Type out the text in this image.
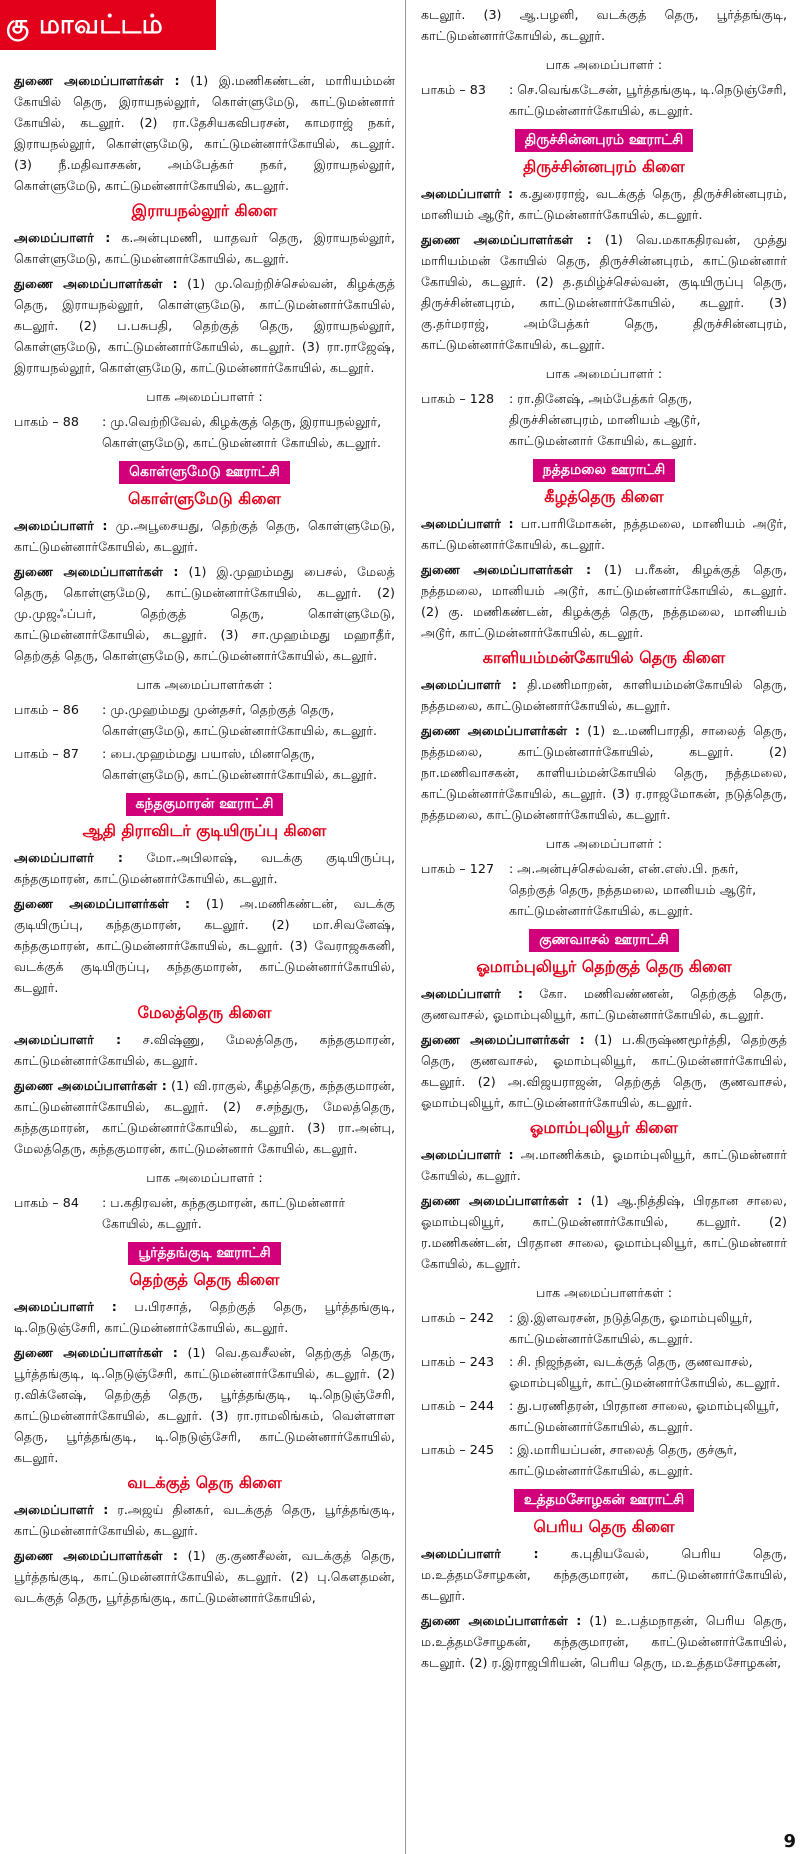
கு மாவட்டம்

துணை அமைப்பாளர்கள் : (1) இ.மணிகண்டன், மாரியம்மன் கோயில் தெரு, இராயநல்லூர், கொள்ளுமேடு, காட்டுமன்னார் கோயில், கடலூர். (2) ரா.தேசியகவிபரசன், காமராஜ் நகர், இராயநல்லூர், கொள்ளுமேடு, காட்டுமன்னார்கோயில், கடலூர். (3) நீ.மதிவாசகன், அம்பேத்கர் நகர், இராயநல்லூர், கொள்ளுமேடு, காட்டுமன்னார்கோயில், கடலூர்.

இராயநல்லூர் கிளை

அமைப்பாளர் : க.அன்புமணி, யாதவர் தெரு, இராயநல்லூர், கொள்ளுமேடு, காட்டுமன்னார்கோயில், கடலூர்.

துணை அமைப்பாளர்கள் : (1) மு.வெற்றிச்செல்வன், கிழக்குத் தெரு, இராயநல்லூர், கொள்ளுமேடு, காட்டுமன்னார்கோயில், கடலூர். (2) ப.பசுபதி, தெற்குத் தெரு, இராயநல்லூர், கொள்ளுமேடு, காட்டுமன்னார்கோயில், கடலூர். (3) ரா.ராஜேஷ், இராயநல்லூர், கொள்ளுமேடு, காட்டுமன்னார்கோயில், கடலூர்.

பாக அமைப்பாளர் :
பாகம் – 88	: மு.வெற்றிவேல், கிழக்குத் தெரு, இராயநல்லூர், கொள்ளுமேடு, காட்டுமன்னார் கோயில், கடலூர்.
கொள்ளுமேடு ஊராட்சி
கொள்ளுமேடு கிளை

அமைப்பாளர் : மு.அபூசையது, தெற்குத் தெரு, கொள்ளுமேடு, காட்டுமன்னார்கோயில், கடலூர்.

துணை அமைப்பாளர்கள் : (1) இ.முஹம்மது பைசல், மேலத் தெரு, கொள்ளுமேடு, காட்டுமன்னார்கோயில், கடலூர். (2) மு.முஜஃப்பர், தெற்குத் தெரு, கொள்ளுமேடு, காட்டுமன்னார்கோயில், கடலூர். (3) சா.முஹம்மது மஹாதீர், தெற்குத் தெரு, கொள்ளுமேடு, காட்டுமன்னார்கோயில், கடலூர்.

பாக அமைப்பாளர்கள் :
பாகம் – 86	: மு.முஹம்மது முன்தசர், தெற்குத் தெரு, கொள்ளுமேடு, காட்டுமன்னார்கோயில், கடலூர்.
பாகம் – 87	: பை.முஹம்மது பயாஸ், மினாதெரு, கொள்ளுமேடு, காட்டுமன்னார்கோயில், கடலூர்.
கந்தகுமாரன் ஊராட்சி
ஆதி திராவிடர் குடியிருப்பு கிளை

அமைப்பாளர் : மோ.அபிலாஷ், வடக்கு குடியிருப்பு, கந்தகுமாரன், காட்டுமன்னார்கோயில், கடலூர்.

துணை அமைப்பாளர்கள் : (1) அ.மணிகண்டன், வடக்கு குடியிருப்பு, கந்தகுமாரன், கடலூர். (2) மா.சிவனேஷ், கந்தகுமாரன், காட்டுமன்னார்கோயில், கடலூர். (3) வேராஜசுகனி, வடக்குக் குடியிருப்பு, கந்தகுமாரன், காட்டுமன்னார்கோயில், கடலூர்.

மேலத்தெரு கிளை

அமைப்பாளர் : ச.விஷ்ணு, மேலத்தெரு, கந்தகுமாரன், காட்டுமன்னார்கோயில், கடலூர்.

துணை அமைப்பாளர்கள் : (1) வி.ராகுல், கீழத்தெரு, கந்தகுமாரன், காட்டுமன்னார்கோயில், கடலூர். (2) ச.சந்துரு, மேலத்தெரு, கந்தகுமாரன், காட்டுமன்னார்கோயில், கடலூர். (3) ரா.அன்பு, மேலத்தெரு, கந்தகுமாரன், காட்டுமன்னார் கோயில், கடலூர்.

பாக அமைப்பாளர் :
பாகம் – 84	: ப.கதிரவன், கந்தகுமாரன், காட்டுமன்னார் கோயில், கடலூர்.
பூர்த்தங்குடி ஊராட்சி
தெற்குத் தெரு கிளை

அமைப்பாளர் : ப.பிரசாத், தெற்குத் தெரு, பூர்த்தங்குடி, டி.நெடுஞ்சேரி, காட்டுமன்னார்கோயில், கடலூர்.

துணை அமைப்பாளர்கள் : (1) வெ.தவசீலன், தெற்குத் தெரு, பூர்த்தங்குடி, டி.நெடுஞ்சேரி, காட்டுமன்னார்கோயில், கடலூர். (2) ர.விக்னேஷ், தெற்குத் தெரு, பூர்த்தங்குடி, டி.நெடுஞ்சேரி, காட்டுமன்னார்கோயில், கடலூர். (3) ரா.ராமலிங்கம், வெள்ளாள தெரு, பூர்த்தங்குடி, டி.நெடுஞ்சேரி, காட்டுமன்னார்கோயில், கடலூர்.

வடக்குத் தெரு கிளை

அமைப்பாளர் : ர.அஜய் தினகர், வடக்குத் தெரு, பூர்த்தங்குடி, காட்டுமன்னார்கோயில், கடலூர்.

துணை அமைப்பாளர்கள் : (1) கு.குணசீலன், வடக்குத் தெரு, பூர்த்தங்குடி, காட்டுமன்னார்கோயில், கடலூர். (2) பு.கௌதமன், வடக்குத் தெரு, பூர்த்தங்குடி, காட்டுமன்னார்கோயில்,

கடலூர். (3) ஆ.பழனி, வடக்குத் தெரு, பூர்த்தங்குடி, காட்டுமன்னார்கோயில், கடலூர்.

பாக அமைப்பாளர் :
பாகம் – 83	: செ.வெங்கடேசன், பூர்த்தங்குடி, டி.நெடுஞ்சேரி, காட்டுமன்னார்கோயில், கடலூர்.
திருச்சின்னபுரம் ஊராட்சி
திருச்சின்னபுரம் கிளை

அமைப்பாளர் : க.துரைராஜ், வடக்குத் தெரு, திருச்சின்னபுரம், மானியம் ஆடூர், காட்டுமன்னார்கோயில், கடலூர்.

துணை அமைப்பாளர்கள் : (1) வெ.மகாகதிரவன், முத்து மாரியம்மன் கோயில் தெரு, திருச்சின்னபுரம், காட்டுமன்னார் கோயில், கடலூர். (2) த.தமிழ்ச்செல்வன், குடியிருப்பு தெரு, திருச்சின்னபுரம், காட்டுமன்னார்கோயில், கடலூர். (3) கு.தர்மராஜ், அம்பேத்கர் தெரு, திருச்சின்னபுரம், காட்டுமன்னார்கோயில், கடலூர்.

பாக அமைப்பாளர் :
பாகம் – 128	: ரா.தினேஷ், அம்பேத்கர் தெரு, திருச்சின்னபுரம், மானியம் ஆடூர், காட்டுமன்னார் கோயில், கடலூர்.
நத்தமலை ஊராட்சி
கீழத்தெரு கிளை

அமைப்பாளர் : பா.பாரிமோகன், நத்தமலை, மானியம் அடூர், காட்டுமன்னார்கோயில், கடலூர்.

துணை அமைப்பாளர்கள் : (1) ப.ரீகன், கிழக்குத் தெரு, நத்தமலை, மானியம் அடூர், காட்டுமன்னார்கோயில், கடலூர். (2) கு. மணிகண்டன், கிழக்குத் தெரு, நத்தமலை, மானியம் அடூர், காட்டுமன்னார்கோயில், கடலூர்.

காளியம்மன்கோயில் தெரு கிளை

அமைப்பாளர் : தி.மணிமாறன், காளியம்மன்கோயில் தெரு, நத்தமலை, காட்டுமன்னார்கோயில், கடலூர்.

துணை அமைப்பாளர்கள் : (1) உ.மணிபாரதி, சாலைத் தெரு, நத்தமலை, காட்டுமன்னார்கோயில், கடலூர். (2) நா.மணிவாசகன், காளியம்மன்கோயில் தெரு, நத்தமலை, காட்டுமன்னார்கோயில், கடலூர். (3) ர.ராஜமோகன், நடுத்தெரு, நத்தமலை, காட்டுமன்னார்கோயில், கடலூர்.

பாக அமைப்பாளர் :
பாகம் – 127	: அ.அன்புச்செல்வன், என்.எஸ்.பி. நகர், தெற்குத் தெரு, நத்தமலை, மானியம் ஆடூர், காட்டுமன்னார்கோயில், கடலூர்.
குணவாசல் ஊராட்சி
ஓமாம்புலியூர் தெற்குத் தெரு கிளை

அமைப்பாளர் : கோ. மணிவண்ணன், தெற்குத் தெரு, குணவாசல், ஓமாம்புலியூர், காட்டுமன்னார்கோயில், கடலூர்.

துணை அமைப்பாளர்கள் : (1) ப.கிருஷ்ணமூர்த்தி, தெற்குத் தெரு, குணவாசல், ஓமாம்புலியூர், காட்டுமன்னார்கோயில், கடலூர். (2) அ.விஜயராஜன், தெற்குத் தெரு, குணவாசல், ஓமாம்புலியூர், காட்டுமன்னார்கோயில், கடலூர்.

ஓமாம்புலியூர் கிளை

அமைப்பாளர் : அ.மாணிக்கம், ஓமாம்புலியூர், காட்டுமன்னார் கோயில், கடலூர்.

துணை அமைப்பாளர்கள் : (1) ஆ.நித்திஷ், பிரதான சாலை, ஓமாம்புலியூர், காட்டுமன்னார்கோயில், கடலூர். (2) ர.மணிகண்டன், பிரதான சாலை, ஓமாம்புலியூர், காட்டுமன்னார் கோயில், கடலூர்.

பாக அமைப்பாளர்கள் :
பாகம் – 242	: இ.இளவரசன், நடுத்தெரு, ஓமாம்புலியூர், காட்டுமன்னார்கோயில், கடலூர்.
பாகம் – 243	: சி. நிஜந்தன், வடக்குத் தெரு, குணவாசல், ஓமாம்புலியூர், காட்டுமன்னார்கோயில், கடலூர்.
பாகம் – 244	: து.பரணிதரன், பிரதான சாலை, ஓமாம்புலியூர், காட்டுமன்னார்கோயில், கடலூர்.
பாகம் – 245	: இ.மாரியப்பன், சாலைத் தெரு, குச்சூர், காட்டுமன்னார்கோயில், கடலூர்.
உத்தமசோழகன் ஊராட்சி
பெரிய தெரு கிளை

அமைப்பாளர் : க.புதியவேல், பெரிய தெரு, ம.உத்தமசோழகன், கந்தகுமாரன், காட்டுமன்னார்கோயில், கடலூர்.

துணை அமைப்பாளர்கள் : (1) உ.பத்மநாதன், பெரிய தெரு, ம.உத்தமசோழகன், கந்தகுமாரன், காட்டுமன்னார்கோயில், கடலூர். (2) ர.இராஜபிரியன், பெரிய தெரு, ம.உத்தமசோழகன்,

9
